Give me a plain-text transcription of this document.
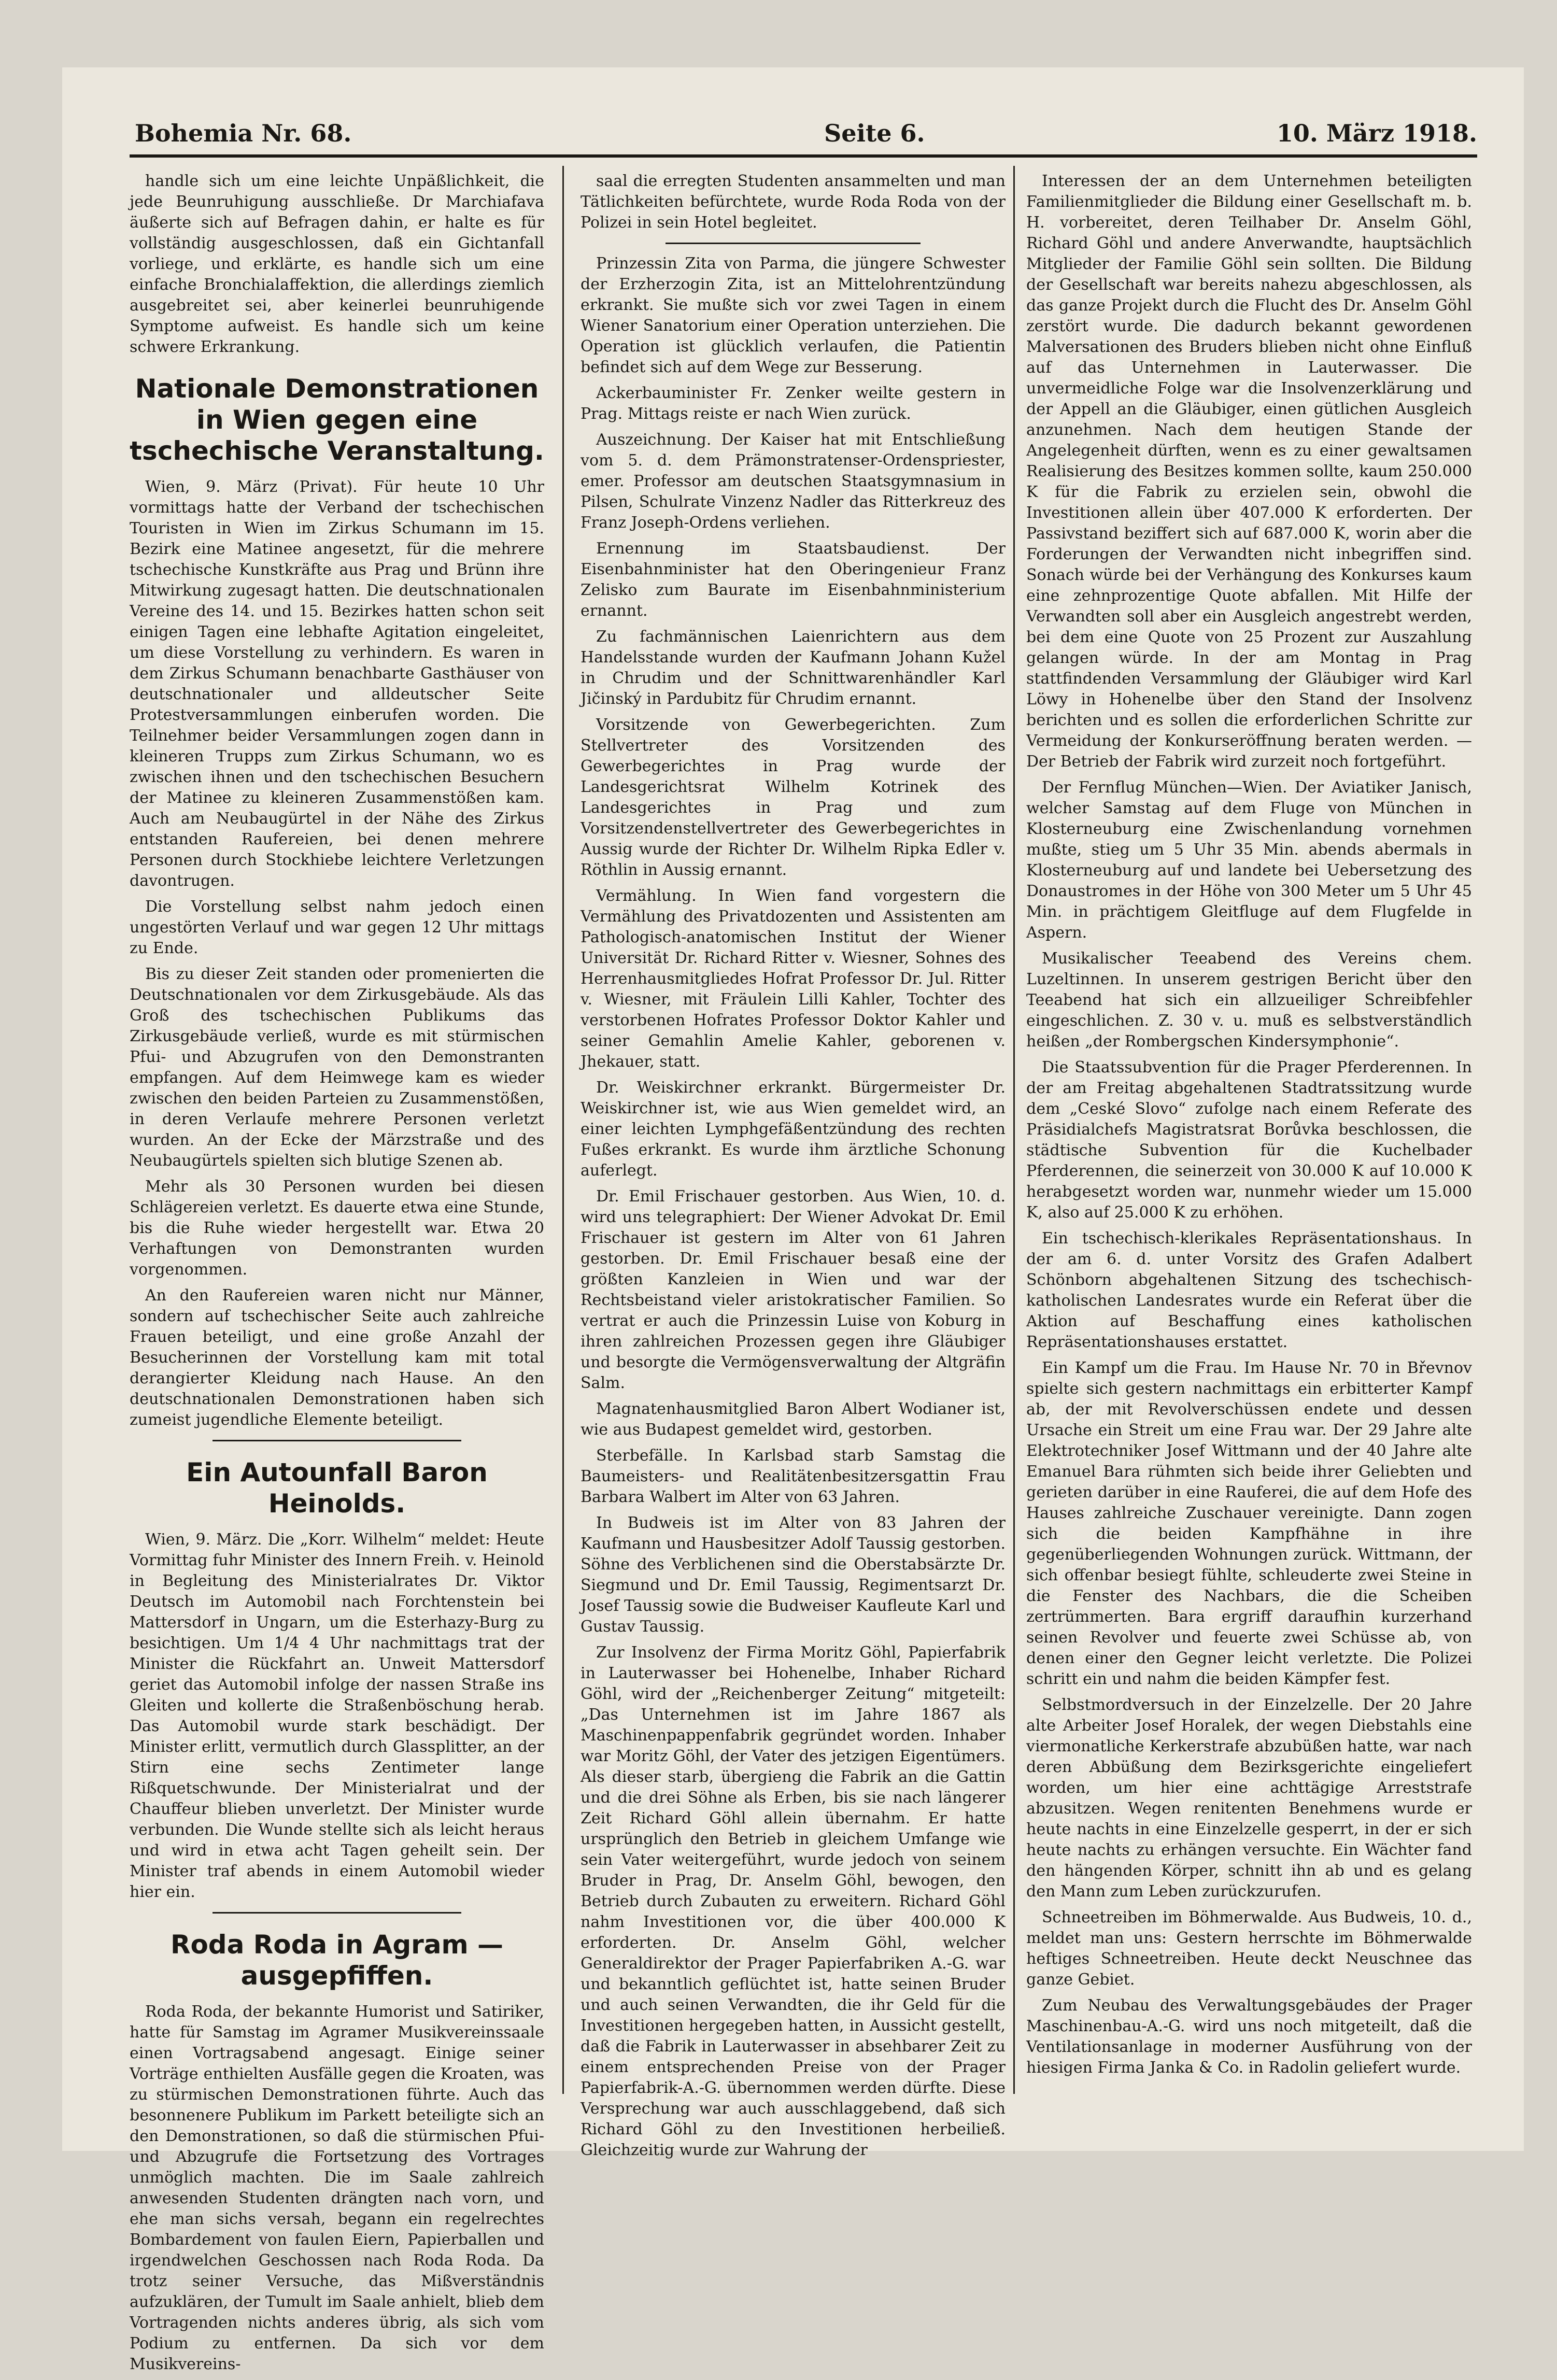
Bohemia Nr. 68.	Seite 6.	10. März 1918.

handle sich um eine leichte Unpäßlichkeit, die jede Beunruhigung ausschließe. Dr Marchiafava äußerte sich auf Befragen dahin, er halte es für vollständig ausgeschlossen, daß ein Gichtanfall vorliege, und erklärte, es handle sich um eine einfache Bronchialaffektion, die allerdings ziemlich ausgebreitet sei, aber keinerlei beunruhigende Symptome aufweist. Es handle sich um keine schwere Erkrankung.

Nationale Demonstrationen in Wien gegen eine tschechische Veranstaltung.

Wien, 9. März (Privat). Für heute 10 Uhr vormittags hatte der Verband der tschechischen Touristen in Wien im Zirkus Schumann im 15. Bezirk eine Matinee angesetzt, für die mehrere tschechische Kunstkräfte aus Prag und Brünn ihre Mitwirkung zugesagt hatten. Die deutschnationalen Vereine des 14. und 15. Bezirkes hatten schon seit einigen Tagen eine lebhafte Agitation eingeleitet, um diese Vorstellung zu verhindern. Es waren in dem Zirkus Schumann benachbarte Gasthäuser von deutschnationaler und alldeutscher Seite Protestversammlungen einberufen worden. Die Teilnehmer beider Versammlungen zogen dann in kleineren Trupps zum Zirkus Schumann, wo es zwischen ihnen und den tschechischen Besuchern der Matinee zu kleineren Zusammenstößen kam. Auch am Neubaugürtel in der Nähe des Zirkus entstanden Raufereien, bei denen mehrere Personen durch Stockhiebe leichtere Verletzungen davontrugen.

Die Vorstellung selbst nahm jedoch einen ungestörten Verlauf und war gegen 12 Uhr mittags zu Ende.

Bis zu dieser Zeit standen oder promenierten die Deutschnationalen vor dem Zirkusgebäude. Als das Groß des tschechischen Publikums das Zirkusgebäude verließ, wurde es mit stürmischen Pfui- und Abzugrufen von den Demonstranten empfangen. Auf dem Heimwege kam es wieder zwischen den beiden Parteien zu Zusammenstößen, in deren Verlaufe mehrere Personen verletzt wurden. An der Ecke der Märzstraße und des Neubaugürtels spielten sich blutige Szenen ab.

Mehr als 30 Personen wurden bei diesen Schlägereien verletzt. Es dauerte etwa eine Stunde, bis die Ruhe wieder hergestellt war. Etwa 20 Verhaftungen von Demonstranten wurden vorgenommen.

An den Raufereien waren nicht nur Männer, sondern auf tschechischer Seite auch zahlreiche Frauen beteiligt, und eine große Anzahl der Besucherinnen der Vorstellung kam mit total derangierter Kleidung nach Hause. An den deutschnationalen Demonstrationen haben sich zumeist jugendliche Elemente beteiligt.

Ein Autounfall Baron Heinolds.

Wien, 9. März. Die „Korr. Wilhelm“ meldet: Heute Vormittag fuhr Minister des Innern Freih. v. Heinold in Begleitung des Ministerialrates Dr. Viktor Deutsch im Automobil nach Forchtenstein bei Mattersdorf in Ungarn, um die Esterhazy-Burg zu besichtigen. Um 1/4 4 Uhr nachmittags trat der Minister die Rückfahrt an. Unweit Mattersdorf geriet das Automobil infolge der nassen Straße ins Gleiten und kollerte die Straßenböschung herab. Das Automobil wurde stark beschädigt. Der Minister erlitt, vermutlich durch Glassplitter, an der Stirn eine sechs Zentimeter lange Rißquetschwunde. Der Ministerialrat und der Chauffeur blieben unverletzt. Der Minister wurde verbunden. Die Wunde stellte sich als leicht heraus und wird in etwa acht Tagen geheilt sein. Der Minister traf abends in einem Automobil wieder hier ein.

Roda Roda in Agram — ausgepfiffen.

Roda Roda, der bekannte Humorist und Satiriker, hatte für Samstag im Agramer Musikvereinssaale einen Vortragsabend angesagt. Einige seiner Vorträge enthielten Ausfälle gegen die Kroaten, was zu stürmischen Demonstrationen führte. Auch das besonnenere Publikum im Parkett beteiligte sich an den Demonstrationen, so daß die stürmischen Pfui- und Abzugrufe die Fortsetzung des Vortrages unmöglich machten. Die im Saale zahlreich anwesenden Studenten drängten nach vorn, und ehe man sichs versah, begann ein regelrechtes Bombardement von faulen Eiern, Papierballen und irgendwelchen Geschossen nach Roda Roda. Da trotz seiner Versuche, das Mißverständnis aufzuklären, der Tumult im Saale anhielt, blieb dem Vortragenden nichts anderes übrig, als sich vom Podium zu entfernen. Da sich vor dem Musikvereins-

saal die erregten Studenten ansammelten und man Tätlichkeiten befürchtete, wurde Roda Roda von der Polizei in sein Hotel begleitet.

Prinzessin Zita von Parma, die jüngere Schwester der Erzherzogin Zita, ist an Mittelohrentzündung erkrankt. Sie mußte sich vor zwei Tagen in einem Wiener Sanatorium einer Operation unterziehen. Die Operation ist glücklich verlaufen, die Patientin befindet sich auf dem Wege zur Besserung.

Ackerbauminister Fr. Zenker weilte gestern in Prag. Mittags reiste er nach Wien zurück.

Auszeichnung. Der Kaiser hat mit Entschließung vom 5. d. dem Prämonstratenser-Ordenspriester, emer. Professor am deutschen Staatsgymnasium in Pilsen, Schulrate Vinzenz Nadler das Ritterkreuz des Franz Joseph-Ordens verliehen.

Ernennung im Staatsbaudienst. Der Eisenbahnminister hat den Oberingenieur Franz Zelisko zum Baurate im Eisenbahnministerium ernannt.

Zu fachmännischen Laienrichtern aus dem Handelsstande wurden der Kaufmann Johann Kužel in Chrudim und der Schnittwarenhändler Karl Jičinský in Pardubitz für Chrudim ernannt.

Vorsitzende von Gewerbegerichten. Zum Stellvertreter des Vorsitzenden des Gewerbegerichtes in Prag wurde der Landesgerichtsrat Wilhelm Kotrinek des Landesgerichtes in Prag und zum Vorsitzendenstellvertreter des Gewerbegerichtes in Aussig wurde der Richter Dr. Wilhelm Ripka Edler v. Röthlin in Aussig ernannt.

Vermählung. In Wien fand vorgestern die Vermählung des Privatdozenten und Assistenten am Pathologisch-anatomischen Institut der Wiener Universität Dr. Richard Ritter v. Wiesner, Sohnes des Herrenhausmitgliedes Hofrat Professor Dr. Jul. Ritter v. Wiesner, mit Fräulein Lilli Kahler, Tochter des verstorbenen Hofrates Professor Doktor Kahler und seiner Gemahlin Amelie Kahler, geborenen v. Jhekauer, statt.

Dr. Weiskirchner erkrankt. Bürgermeister Dr. Weiskirchner ist, wie aus Wien gemeldet wird, an einer leichten Lymphgefäßentzündung des rechten Fußes erkrankt. Es wurde ihm ärztliche Schonung auferlegt.

Dr. Emil Frischauer gestorben. Aus Wien, 10. d. wird uns telegraphiert: Der Wiener Advokat Dr. Emil Frischauer ist gestern im Alter von 61 Jahren gestorben. Dr. Emil Frischauer besaß eine der größten Kanzleien in Wien und war der Rechtsbeistand vieler aristokratischer Familien. So vertrat er auch die Prinzessin Luise von Koburg in ihren zahlreichen Prozessen gegen ihre Gläubiger und besorgte die Vermögensverwaltung der Altgräfin Salm.

Magnatenhausmitglied Baron Albert Wodianer ist, wie aus Budapest gemeldet wird, gestorben.

Sterbefälle. In Karlsbad starb Samstag die Baumeisters- und Realitätenbesitzersgattin Frau Barbara Walbert im Alter von 63 Jahren.

In Budweis ist im Alter von 83 Jahren der Kaufmann und Hausbesitzer Adolf Taussig gestorben. Söhne des Verblichenen sind die Oberstabsärzte Dr. Siegmund und Dr. Emil Taussig, Regimentsarzt Dr. Josef Taussig sowie die Budweiser Kaufleute Karl und Gustav Taussig.

Zur Insolvenz der Firma Moritz Göhl, Papierfabrik in Lauterwasser bei Hohenelbe, Inhaber Richard Göhl, wird der „Reichenberger Zeitung“ mitgeteilt: „Das Unternehmen ist im Jahre 1867 als Maschinenpappenfabrik gegründet worden. Inhaber war Moritz Göhl, der Vater des jetzigen Eigentümers. Als dieser starb, übergieng die Fabrik an die Gattin und die drei Söhne als Erben, bis sie nach längerer Zeit Richard Göhl allein übernahm. Er hatte ursprünglich den Betrieb in gleichem Umfange wie sein Vater weitergeführt, wurde jedoch von seinem Bruder in Prag, Dr. Anselm Göhl, bewogen, den Betrieb durch Zubauten zu erweitern. Richard Göhl nahm Investitionen vor, die über 400.000 K erforderten. Dr. Anselm Göhl, welcher Generaldirektor der Prager Papierfabriken A.-G. war und bekanntlich geflüchtet ist, hatte seinen Bruder und auch seinen Verwandten, die ihr Geld für die Investitionen hergegeben hatten, in Aussicht gestellt, daß die Fabrik in Lauterwasser in absehbarer Zeit zu einem entsprechenden Preise von der Prager Papierfabrik-A.-G. übernommen werden dürfte. Diese Versprechung war auch ausschlaggebend, daß sich Richard Göhl zu den Investitionen herbeiließ. Gleichzeitig wurde zur Wahrung der

Interessen der an dem Unternehmen beteiligten Familienmitglieder die Bildung einer Gesellschaft m. b. H. vorbereitet, deren Teilhaber Dr. Anselm Göhl, Richard Göhl und andere Anverwandte, hauptsächlich Mitglieder der Familie Göhl sein sollten. Die Bildung der Gesellschaft war bereits nahezu abgeschlossen, als das ganze Projekt durch die Flucht des Dr. Anselm Göhl zerstört wurde. Die dadurch bekannt gewordenen Malversationen des Bruders blieben nicht ohne Einfluß auf das Unternehmen in Lauterwasser. Die unvermeidliche Folge war die Insolvenzerklärung und der Appell an die Gläubiger, einen gütlichen Ausgleich anzunehmen. Nach dem heutigen Stande der Angelegenheit dürften, wenn es zu einer gewaltsamen Realisierung des Besitzes kommen sollte, kaum 250.000 K für die Fabrik zu erzielen sein, obwohl die Investitionen allein über 407.000 K erforderten. Der Passivstand beziffert sich auf 687.000 K, worin aber die Forderungen der Verwandten nicht inbegriffen sind. Sonach würde bei der Verhängung des Konkurses kaum eine zehnprozentige Quote abfallen. Mit Hilfe der Verwandten soll aber ein Ausgleich angestrebt werden, bei dem eine Quote von 25 Prozent zur Auszahlung gelangen würde. In der am Montag in Prag stattfindenden Versammlung der Gläubiger wird Karl Löwy in Hohenelbe über den Stand der Insolvenz berichten und es sollen die erforderlichen Schritte zur Vermeidung der Konkurseröffnung beraten werden. — Der Betrieb der Fabrik wird zurzeit noch fortgeführt.

Der Fernflug München—Wien. Der Aviatiker Janisch, welcher Samstag auf dem Fluge von München in Klosterneuburg eine Zwischenlandung vornehmen mußte, stieg um 5 Uhr 35 Min. abends abermals in Klosterneuburg auf und landete bei Uebersetzung des Donaustromes in der Höhe von 300 Meter um 5 Uhr 45 Min. in prächtigem Gleitfluge auf dem Flugfelde in Aspern.

Musikalischer Teeabend des Vereins chem. Luzeltinnen. In unserem gestrigen Bericht über den Teeabend hat sich ein allzueiliger Schreibfehler eingeschlichen. Z. 30 v. u. muß es selbstverständlich heißen „der Rombergschen Kindersymphonie“.

Die Staatssubvention für die Prager Pferderennen. In der am Freitag abgehaltenen Stadtratssitzung wurde dem „Ceské Slovo“ zufolge nach einem Referate des Präsidialchefs Magistratsrat Borůvka beschlossen, die städtische Subvention für die Kuchelbader Pferderennen, die seinerzeit von 30.000 K auf 10.000 K herabgesetzt worden war, nunmehr wieder um 15.000 K, also auf 25.000 K zu erhöhen.

Ein tschechisch-klerikales Repräsentationshaus. In der am 6. d. unter Vorsitz des Grafen Adalbert Schönborn abgehaltenen Sitzung des tschechisch-katholischen Landesrates wurde ein Referat über die Aktion auf Beschaffung eines katholischen Repräsentationshauses erstattet.

Ein Kampf um die Frau. Im Hause Nr. 70 in Břevnov spielte sich gestern nachmittags ein erbitterter Kampf ab, der mit Revolverschüssen endete und dessen Ursache ein Streit um eine Frau war. Der 29 Jahre alte Elektrotechniker Josef Wittmann und der 40 Jahre alte Emanuel Bara rühmten sich beide ihrer Geliebten und gerieten darüber in eine Rauferei, die auf dem Hofe des Hauses zahlreiche Zuschauer vereinigte. Dann zogen sich die beiden Kampfhähne in ihre gegenüberliegenden Wohnungen zurück. Wittmann, der sich offenbar besiegt fühlte, schleuderte zwei Steine in die Fenster des Nachbars, die die Scheiben zertrümmerten. Bara ergriff daraufhin kurzerhand seinen Revolver und feuerte zwei Schüsse ab, von denen einer den Gegner leicht verletzte. Die Polizei schritt ein und nahm die beiden Kämpfer fest.

Selbstmordversuch in der Einzelzelle. Der 20 Jahre alte Arbeiter Josef Horalek, der wegen Diebstahls eine viermonatliche Kerkerstrafe abzubüßen hatte, war nach deren Abbüßung dem Bezirksgerichte eingeliefert worden, um hier eine achttägige Arreststrafe abzusitzen. Wegen renitenten Benehmens wurde er heute nachts in eine Einzelzelle gesperrt, in der er sich heute nachts zu erhängen versuchte. Ein Wächter fand den hängenden Körper, schnitt ihn ab und es gelang den Mann zum Leben zurückzurufen.

Schneetreiben im Böhmerwalde. Aus Budweis, 10. d., meldet man uns: Gestern herrschte im Böhmerwalde heftiges Schneetreiben. Heute deckt Neuschnee das ganze Gebiet.

Zum Neubau des Verwaltungsgebäudes der Prager Maschinenbau-A.-G. wird uns noch mitgeteilt, daß die Ventilationsanlage in moderner Ausführung von der hiesigen Firma Janka & Co. in Radolin geliefert wurde.
